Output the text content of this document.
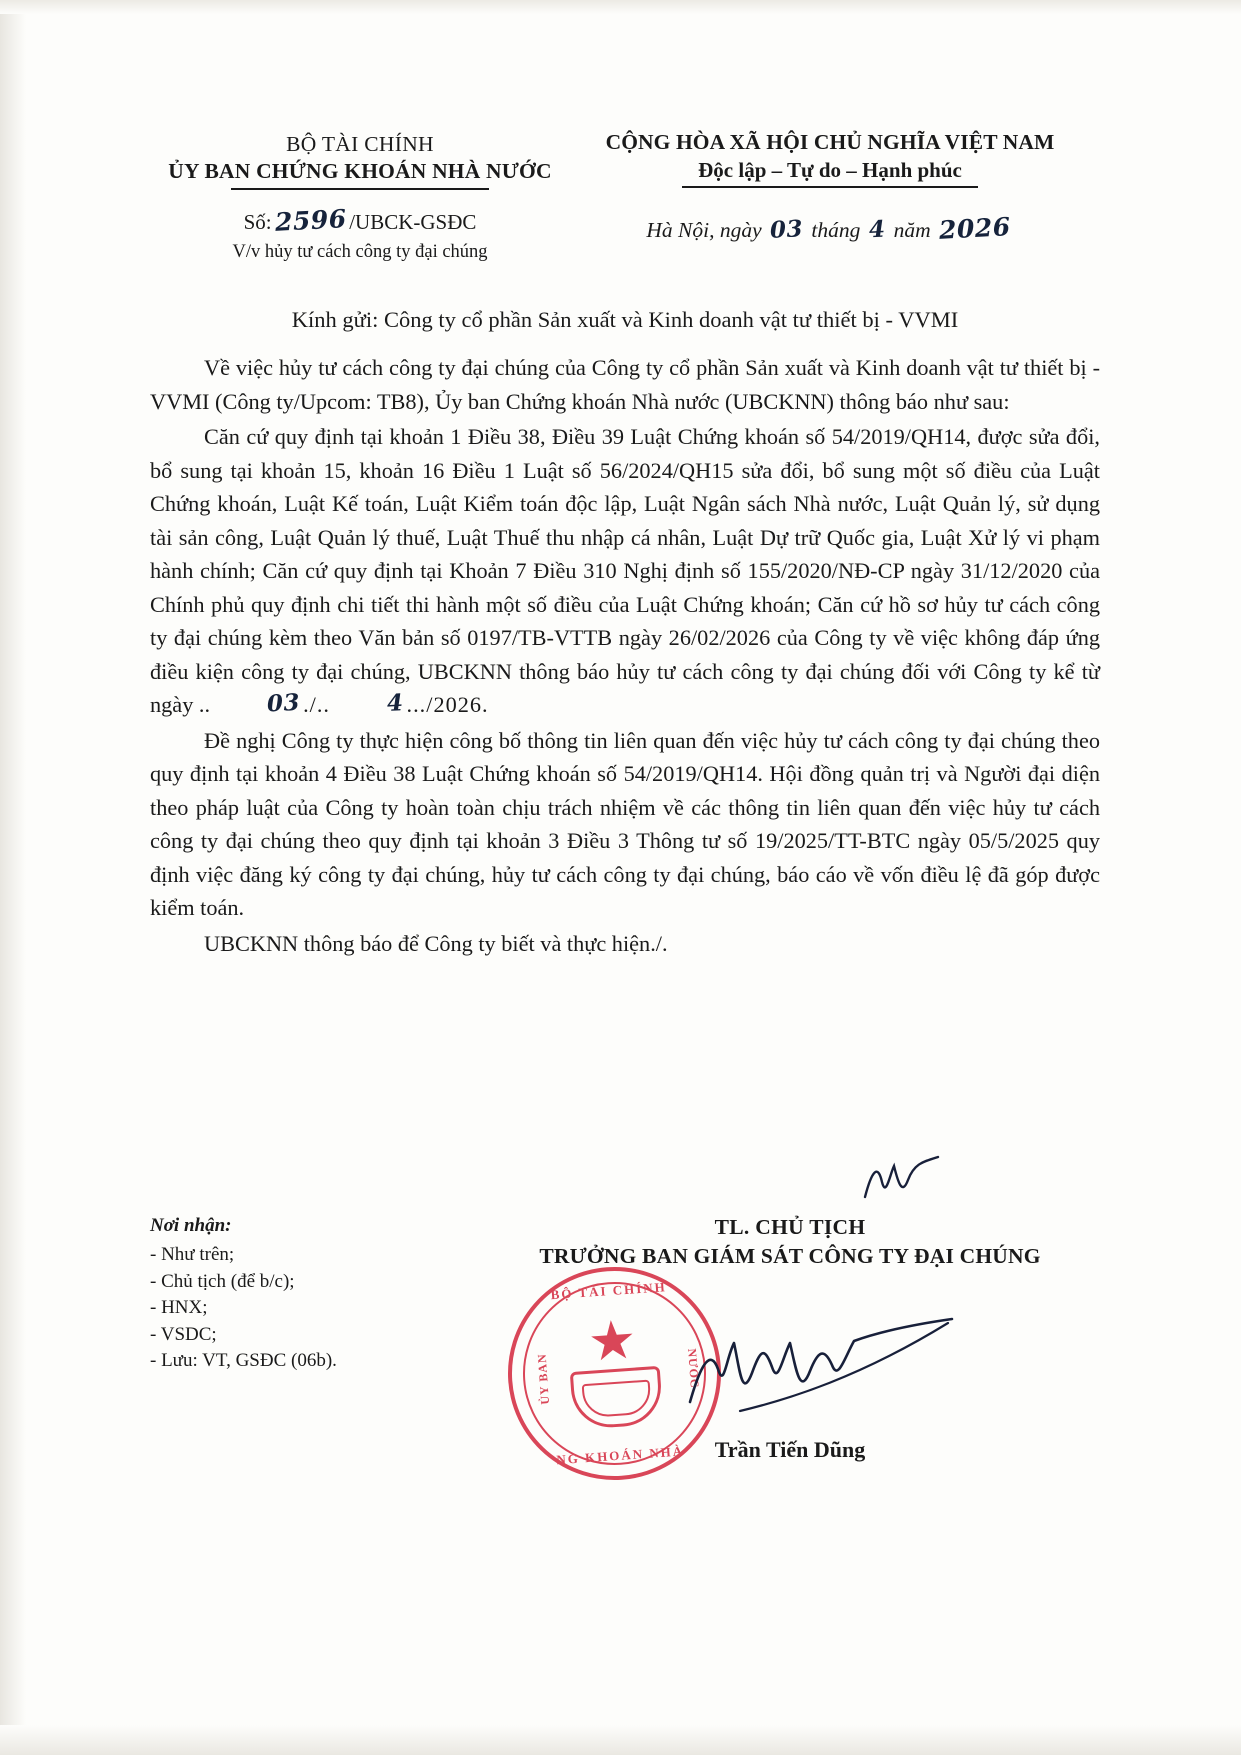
BỘ TÀI CHÍNH
ỦY BAN CHỨNG KHOÁN NHÀ NƯỚC
CỘNG HÒA XÃ HỘI CHỦ NGHĨA VIỆT NAM
Độc lập – Tự do – Hạnh phúc
Số:2596 /UBCK-GSĐC
V/v hủy tư cách công ty đại chúng
Hà Nội, ngày 03 tháng 4 năm 2026
Kính gửi: Công ty cổ phần Sản xuất và Kinh doanh vật tư thiết bị - VVMI
Về việc hủy tư cách công ty đại chúng của Công ty cổ phần Sản xuất và Kinh doanh vật tư thiết bị - VVMI (Công ty/Upcom: TB8), Ủy ban Chứng khoán Nhà nước (UBCKNN) thông báo như sau:
Căn cứ quy định tại khoản 1 Điều 38, Điều 39 Luật Chứng khoán số 54/2019/QH14, được sửa đổi, bổ sung tại khoản 15, khoản 16 Điều 1 Luật số 56/2024/QH15 sửa đổi, bổ sung một số điều của Luật Chứng khoán, Luật Kế toán, Luật Kiểm toán độc lập, Luật Ngân sách Nhà nước, Luật Quản lý, sử dụng tài sản công, Luật Quản lý thuế, Luật Thuế thu nhập cá nhân, Luật Dự trữ Quốc gia, Luật Xử lý vi phạm hành chính; Căn cứ quy định tại Khoản 7 Điều 310 Nghị định số 155/2020/NĐ-CP ngày 31/12/2020 của Chính phủ quy định chi tiết thi hành một số điều của Luật Chứng khoán; Căn cứ hồ sơ hủy tư cách công ty đại chúng kèm theo Văn bản số 0197/TB-VTTB ngày 26/02/2026 của Công ty về việc không đáp ứng điều kiện công ty đại chúng, UBCKNN thông báo hủy tư cách công ty đại chúng đối với Công ty kể từ ngày .. 03 ./.. 4 .../2026.
Đề nghị Công ty thực hiện công bố thông tin liên quan đến việc hủy tư cách công ty đại chúng theo quy định tại khoản 4 Điều 38 Luật Chứng khoán số 54/2019/QH14. Hội đồng quản trị và Người đại diện theo pháp luật của Công ty hoàn toàn chịu trách nhiệm về các thông tin liên quan đến việc hủy tư cách công ty đại chúng theo quy định tại khoản 3 Điều 3 Thông tư số 19/2025/TT-BTC ngày 05/5/2025 quy định việc đăng ký công ty đại chúng, hủy tư cách công ty đại chúng, báo cáo về vốn điều lệ đã góp được kiểm toán.
UBCKNN thông báo để Công ty biết và thực hiện./.
Nơi nhận:
- Như trên;
- Chủ tịch (để b/c);
- HNX;
- VSDC;
- Lưu: VT, GSĐC (06b).
TL. CHỦ TỊCH
TRƯỞNG BAN GIÁM SÁT CÔNG TY ĐẠI CHÚNG
BỘ TÀI CHÍNH
★
NG KHOÁN NHÀ
ỦY BAN	NƯỚC
Trần Tiến Dũng
